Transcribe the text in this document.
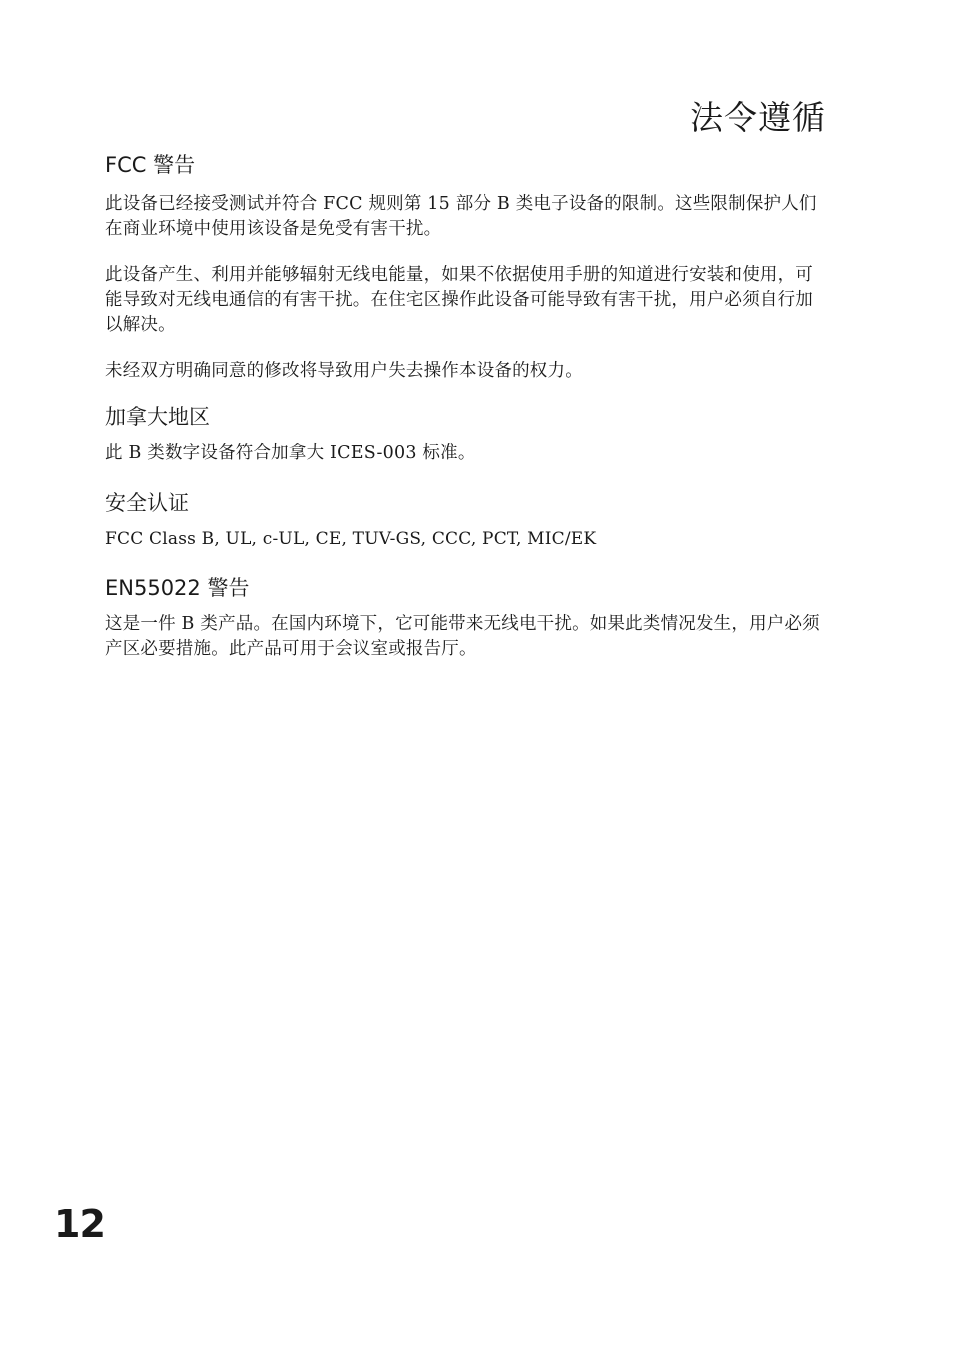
法令遵循
FCC 警告

此设备已经接受测试并符合 FCC 规则第 15 部分 B 类电子设备的限制。这些限制保护人们在商业环境中使用该设备是免受有害干扰。

此设备产生、利用并能够辐射无线电能量，如果不依据使用手册的知道进行安装和使用，可能导致对无线电通信的有害干扰。在住宅区操作此设备可能导致有害干扰，用户必须自行加以解决。

未经双方明确同意的修改将导致用户失去操作本设备的权力。

加拿大地区

此 B 类数字设备符合加拿大 ICES-003 标准。

安全认证

FCC Class B, UL, c-UL, CE, TUV-GS, CCC, PCT, MIC/EK

EN55022 警告

这是一件 B 类产品。在国内环境下，它可能带来无线电干扰。如果此类情况发生，用户必须产区必要措施。此产品可用于会议室或报告厅。

12
